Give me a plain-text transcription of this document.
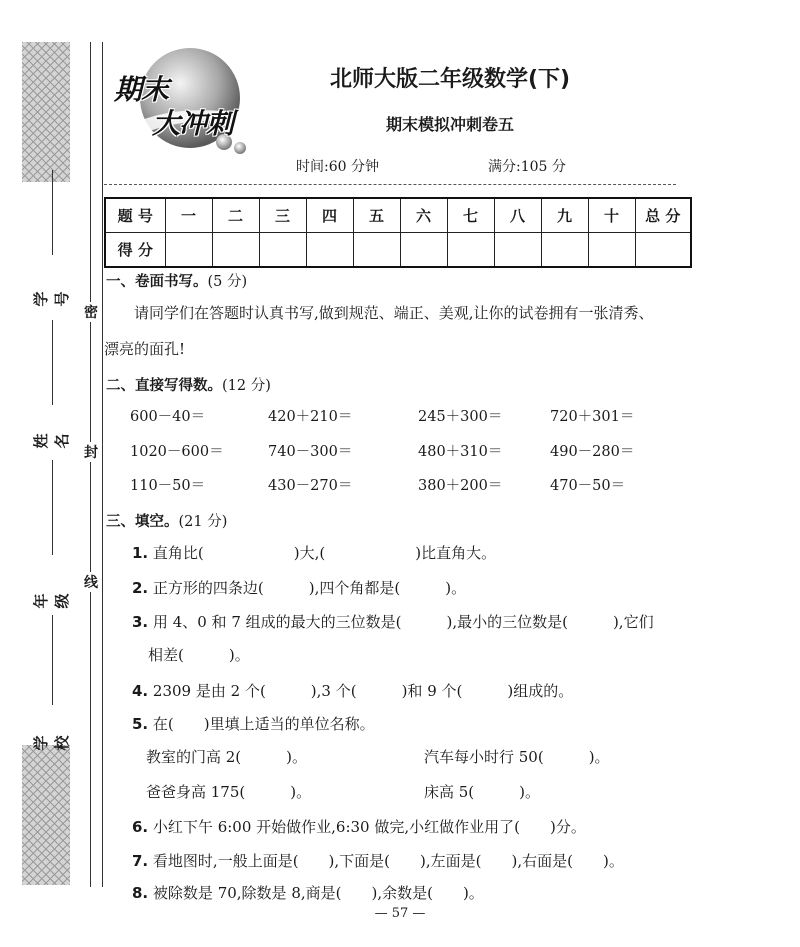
学号
姓名
年级
学校
密
封
线
期末
大冲刺
北师大版二年级数学(下)
期末模拟冲刺卷五
时间:60 分钟	满分:105 分
题 号	一	二	三	四	五	六	七	八	九	十	总 分
得 分											
一、卷面书写。(5 分)
请同学们在答题时认真书写,做到规范、端正、美观,让你的试卷拥有一张清秀、
漂亮的面孔!
二、直接写得数。(12 分)
600－40＝	420＋210＝	245＋300＝	720＋301＝
1020－600＝	740－300＝	480＋310＝	490－280＝
110－50＝	430－270＝	380＋200＝	470－50＝
三、填空。(21 分)
1. 直角比(　　　　　　)大,(　　　　　　)比直角大。
2. 正方形的四条边(　　　),四个角都是(　　　)。
3. 用 4、0 和 7 组成的最大的三位数是(　　　),最小的三位数是(　　　),它们
相差(　　　)。
4. 2309 是由 2 个(　　　),3 个(　　　)和 9 个(　　　)组成的。
5. 在(　　)里填上适当的单位名称。
教室的门高 2(　　　)。	汽车每小时行 50(　　　)。
爸爸身高 175(　　　)。	床高 5(　　　)。
6. 小红下午 6:00 开始做作业,6:30 做完,小红做作业用了(　　)分。
7. 看地图时,一般上面是(　　),下面是(　　),左面是(　　),右面是(　　)。
8. 被除数是 70,除数是 8,商是(　　),余数是(　　)。
— 57 —
